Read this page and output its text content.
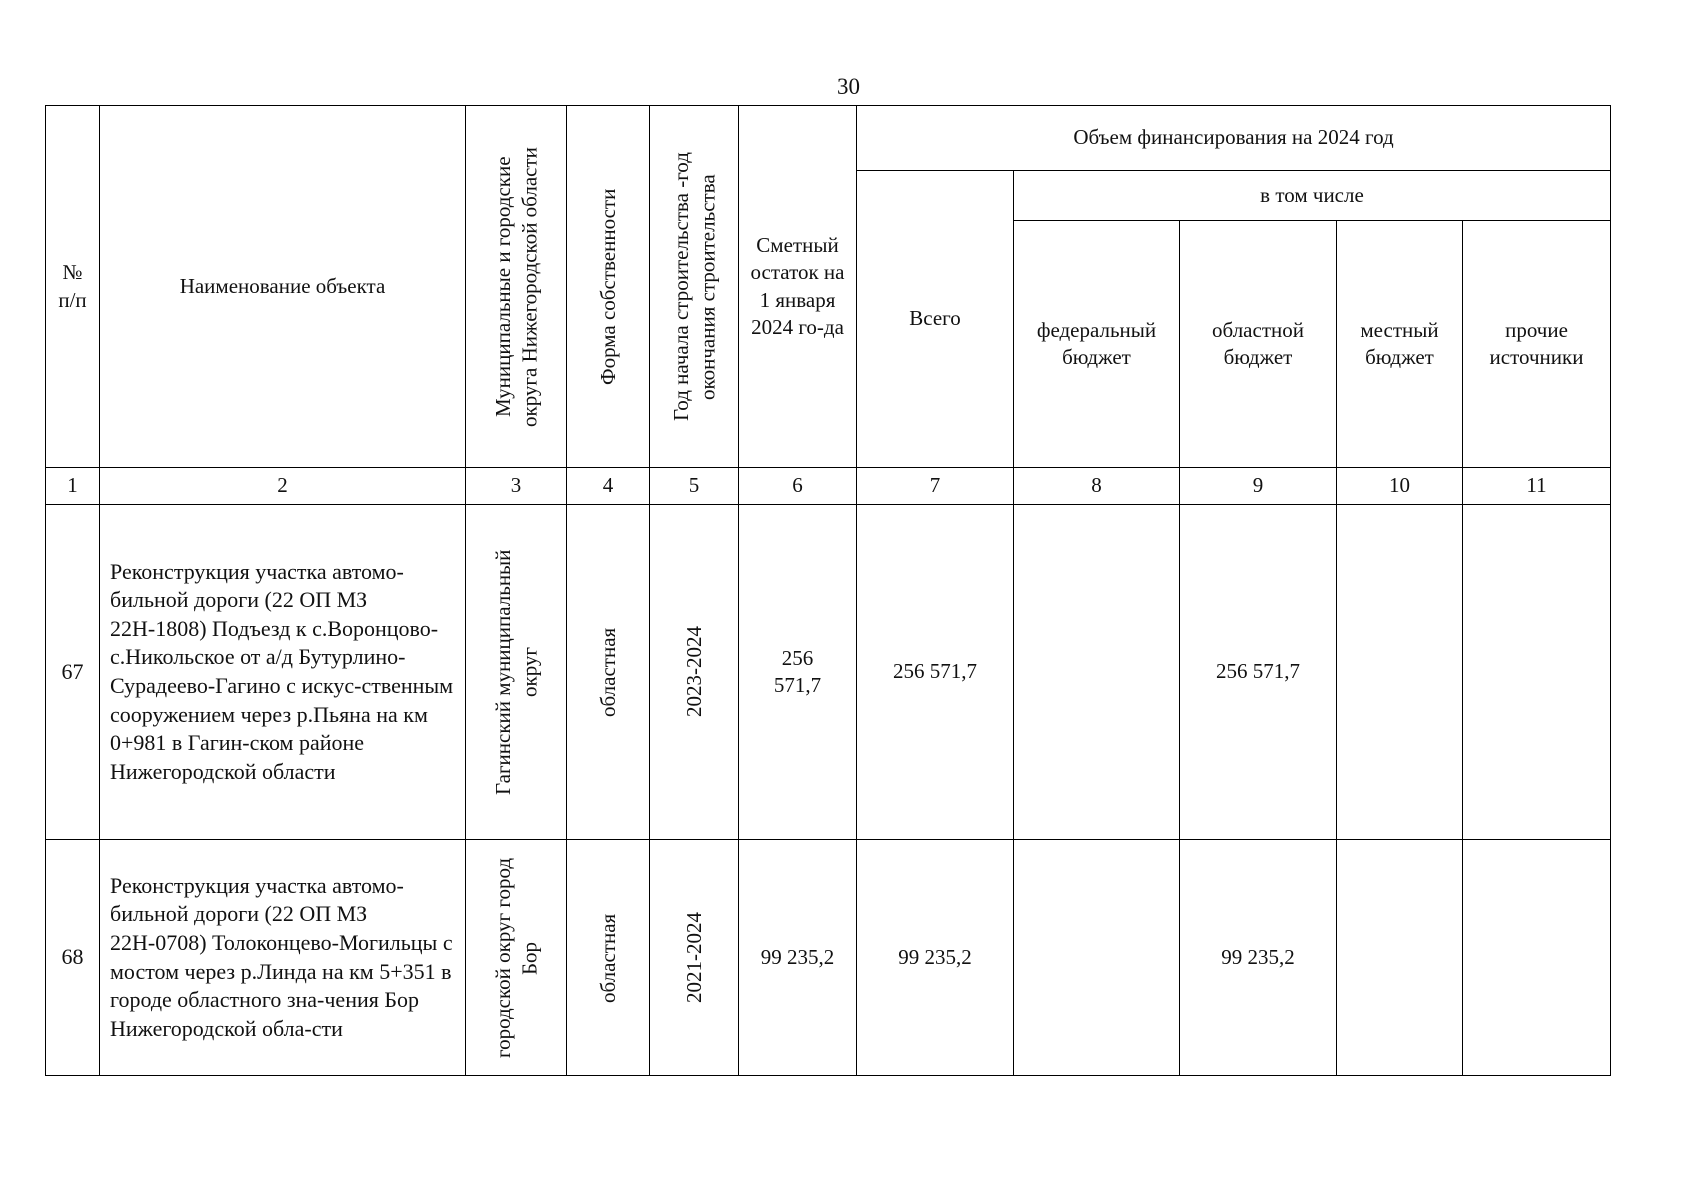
30
№ п/п	Наименование объекта	Муниципальные и городские округа Нижегородской области	Форма собственности	Год начала строительства -год окончания строительства	Сметный остаток на 1 января 2024 го-да	Объем финансирования на 2024 год				

						Всего	в том числе			

							федеральный бюджет	областной бюджет	местный бюджет	прочие источники

1	2	3	4	5	6	7	8	9	10	11
67	Реконструкция участка автомо-бильной дороги (22 ОП МЗ 22Н-1808) Подъезд к с.Воронцово-с.Никольское от а/д Бутурлино-Сурадеево-Гагино с искус-ственным сооружением через р.Пьяна на км 0+981 в Гагин-ском районе Нижегородской области	Гагинский муниципальный округ	областная	2023-2024	256 571,7	256 571,7		256 571,7		
68	Реконструкция участка автомо-бильной дороги (22 ОП МЗ 22Н-0708) Толоконцево-Могильцы с мостом через р.Линда на км 5+351 в городе областного зна-чения Бор Нижегородской обла-сти	городской округ город Бор	областная	2021-2024	99 235,2	99 235,2		99 235,2		
